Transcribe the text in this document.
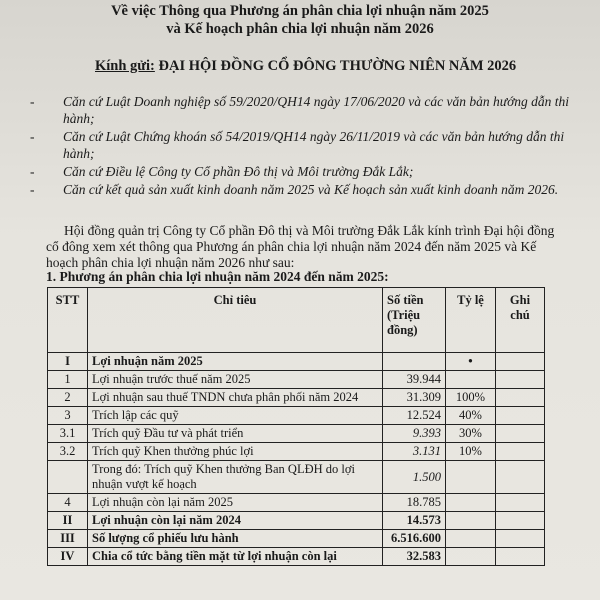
Về việc Thông qua Phương án phân chia lợi nhuận năm 2025
và Kế hoạch phân chia lợi nhuận năm 2026
Kính gửi: ĐẠI HỘI ĐỒNG CỔ ĐÔNG THƯỜNG NIÊN NĂM 2026
- Căn cứ Luật Doanh nghiệp số 59/2020/QH14 ngày 17/06/2020 và các văn bản hướng dẫn thi hành;
- Căn cứ Luật Chứng khoán số 54/2019/QH14 ngày 26/11/2019 và các văn bản hướng dẫn thi hành;
- Căn cứ Điều lệ Công ty Cổ phần Đô thị và Môi trường Đắk Lắk;
- Căn cứ kết quả sản xuất kinh doanh năm 2025 và Kế hoạch sản xuất kinh doanh năm 2026.
Hội đồng quản trị Công ty Cổ phần Đô thị và Môi trường Đắk Lắk kính trình Đại hội đồng cổ đông xem xét thông qua Phương án phân chia lợi nhuận năm 2024 đến năm 2025 và Kế hoạch phân chia lợi nhuận năm 2026 như sau:
1. Phương án phân chia lợi nhuận năm 2024 đến năm 2025:
STT	Chỉ tiêu	Số tiền (Triệu đồng)	Tỷ lệ	Ghi chú
I	Lợi nhuận năm 2025		•	
1	Lợi nhuận trước thuế năm 2025	39.944		
2	Lợi nhuận sau thuế TNDN chưa phân phối năm 2024	31.309	100%	
3	Trích lập các quỹ	12.524	40%	
3.1	Trích quỹ Đầu tư và phát triển	9.393	30%	
3.2	Trích quỹ Khen thưởng phúc lợi	3.131	10%	
	Trong đó: Trích quỹ Khen thưởng Ban QLĐH do lợi nhuận vượt kế hoạch	1.500		
4	Lợi nhuận còn lại năm 2025	18.785		
II	Lợi nhuận còn lại năm 2024	14.573		
III	Số lượng cổ phiếu lưu hành	6.516.600		
IV	Chia cổ tức bằng tiền mặt từ lợi nhuận còn lại	32.583		
